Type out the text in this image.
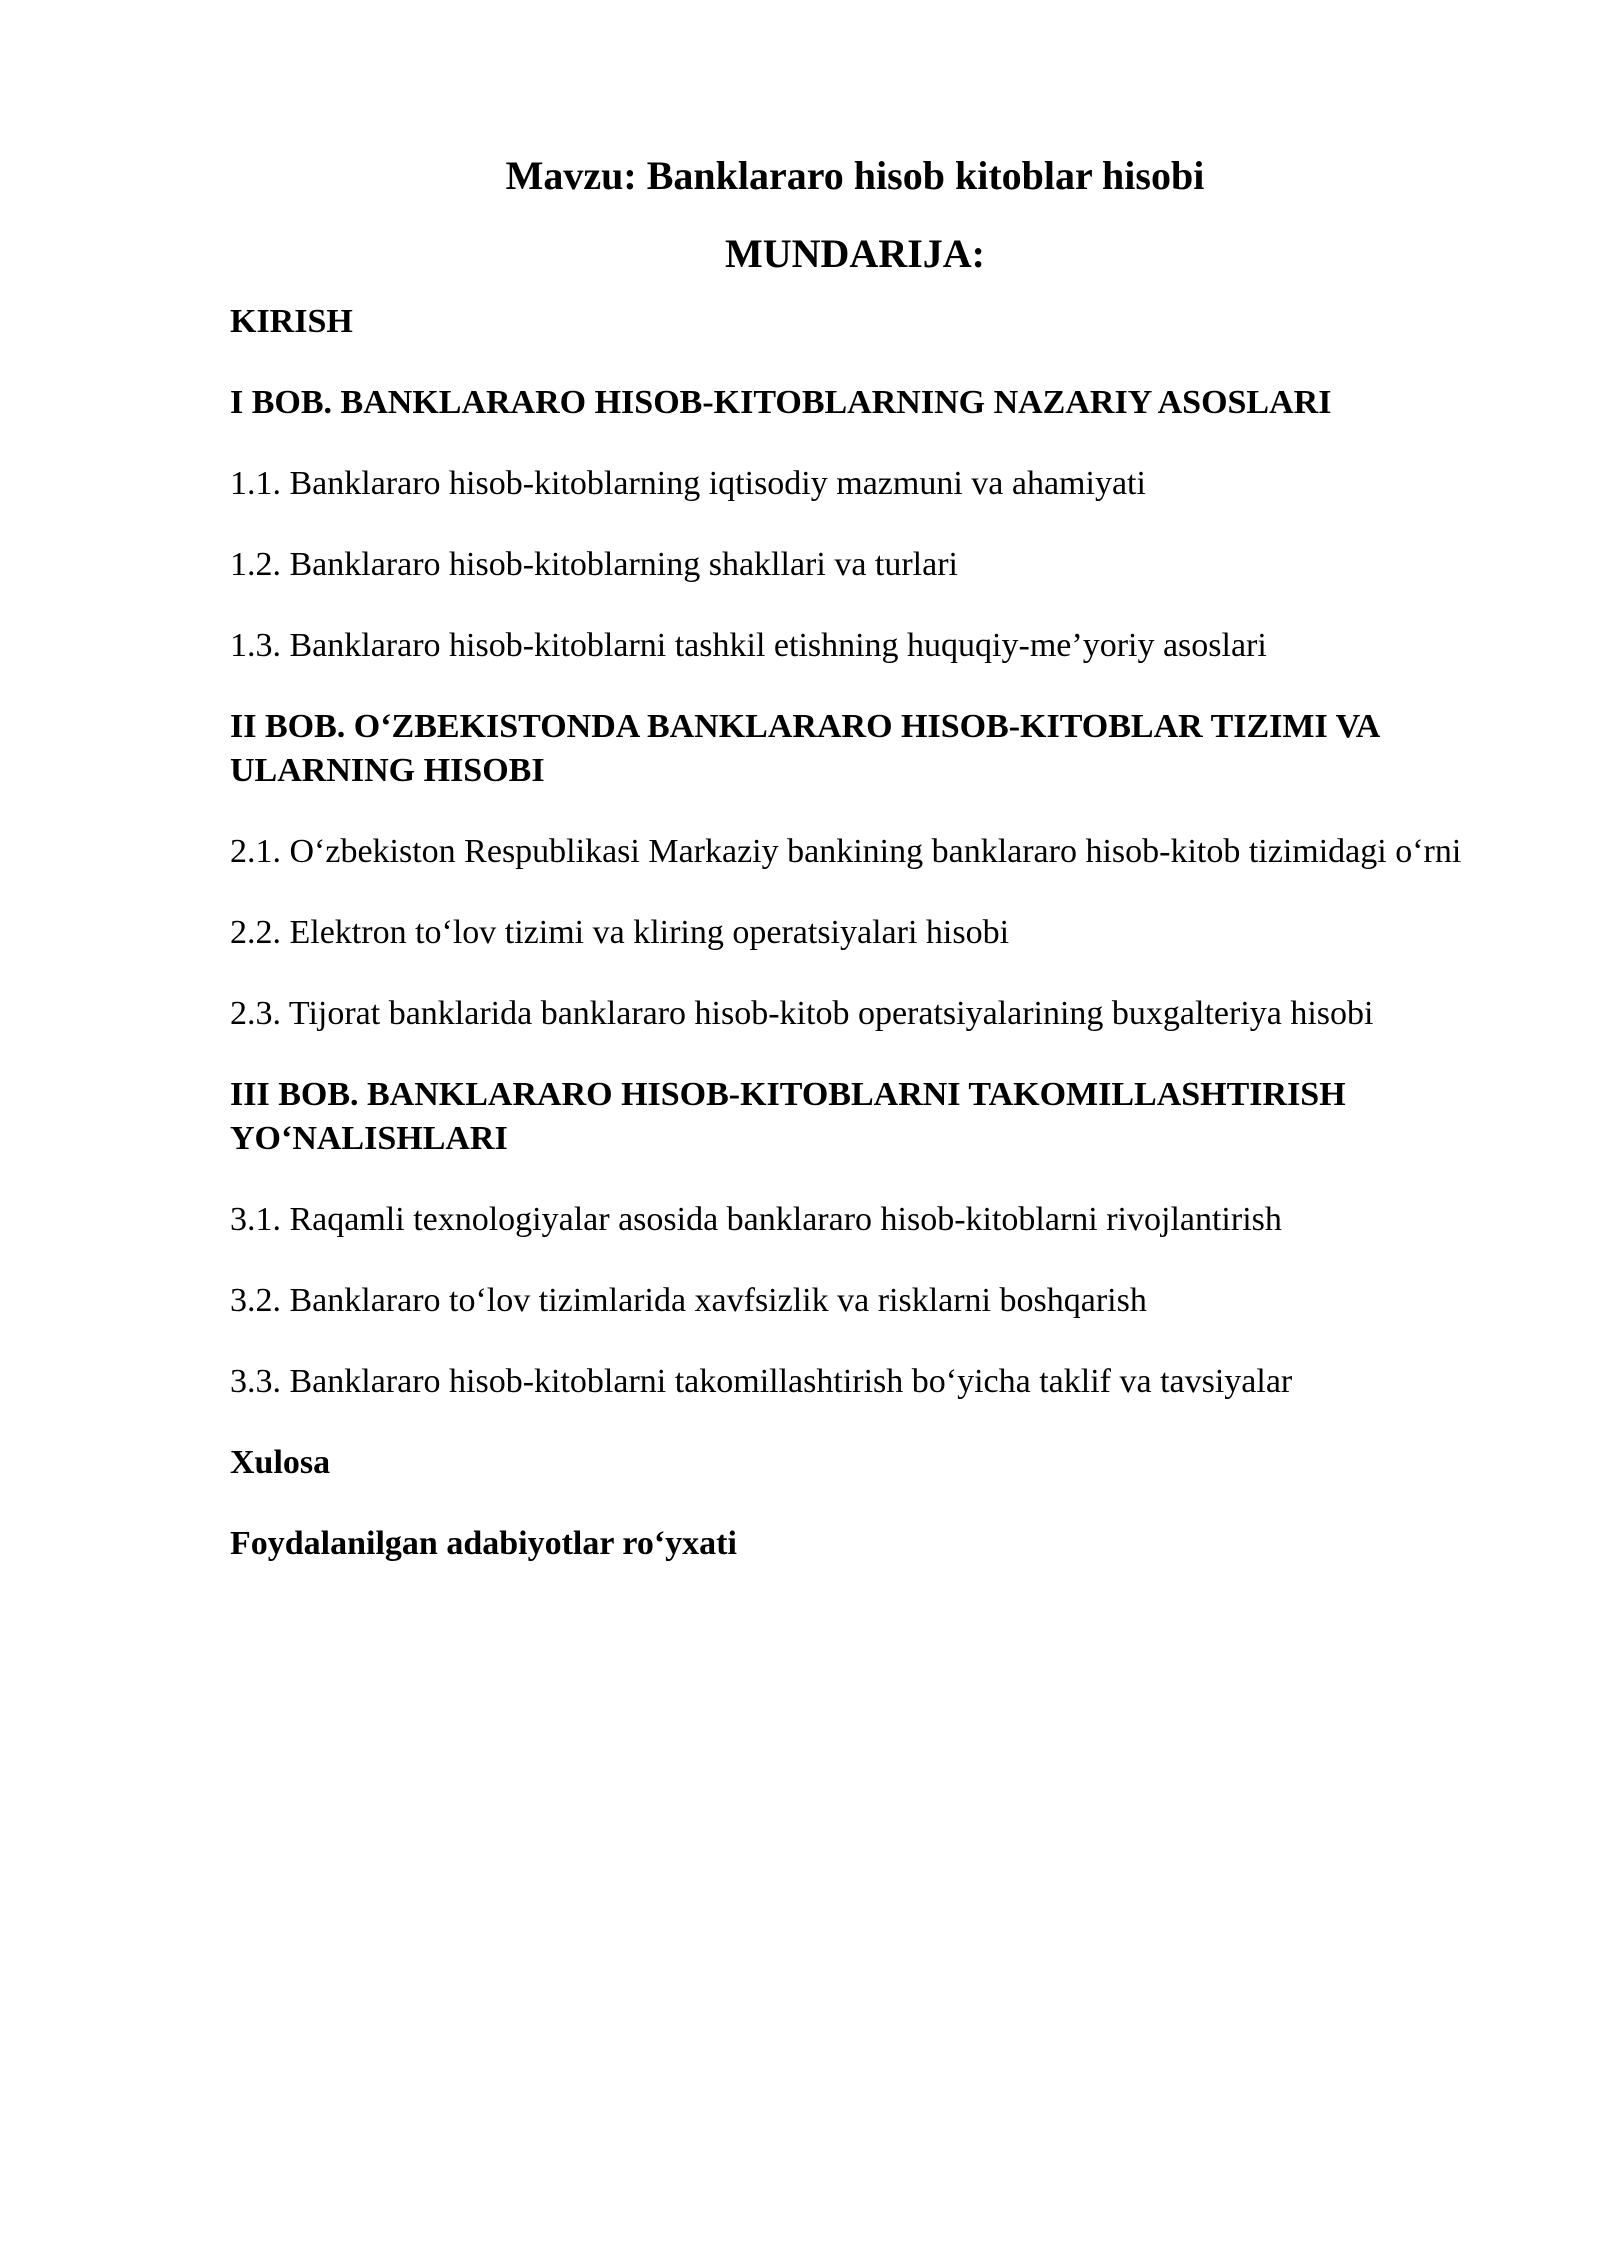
Mavzu: Banklararo hisob kitoblar hisobi
MUNDARIJA:
KIRISH
I BOB. BANKLARARO HISOB-KITOBLARNING NAZARIY ASOSLARI
1.1. Banklararo hisob-kitoblarning iqtisodiy mazmuni va ahamiyati
1.2. Banklararo hisob-kitoblarning shakllari va turlari
1.3. Banklararo hisob-kitoblarni tashkil etishning huquqiy-me’yoriy asoslari
II BOB. O‘ZBEKISTONDA BANKLARARO HISOB-KITOBLAR TIZIMI VA ULARNING HISOBI
2.1. O‘zbekiston Respublikasi Markaziy bankining banklararo hisob-kitob tizimidagi o‘rni
2.2. Elektron to‘lov tizimi va kliring operatsiyalari hisobi
2.3. Tijorat banklarida banklararo hisob-kitob operatsiyalarining buxgalteriya hisobi
III BOB. BANKLARARO HISOB-KITOBLARNI TAKOMILLASHTIRISH YO‘NALISHLARI
3.1. Raqamli texnologiyalar asosida banklararo hisob-kitoblarni rivojlantirish
3.2. Banklararo to‘lov tizimlarida xavfsizlik va risklarni boshqarish
3.3. Banklararo hisob-kitoblarni takomillashtirish bo‘yicha taklif va tavsiyalar
Xulosa
Foydalanilgan adabiyotlar ro‘yxati
